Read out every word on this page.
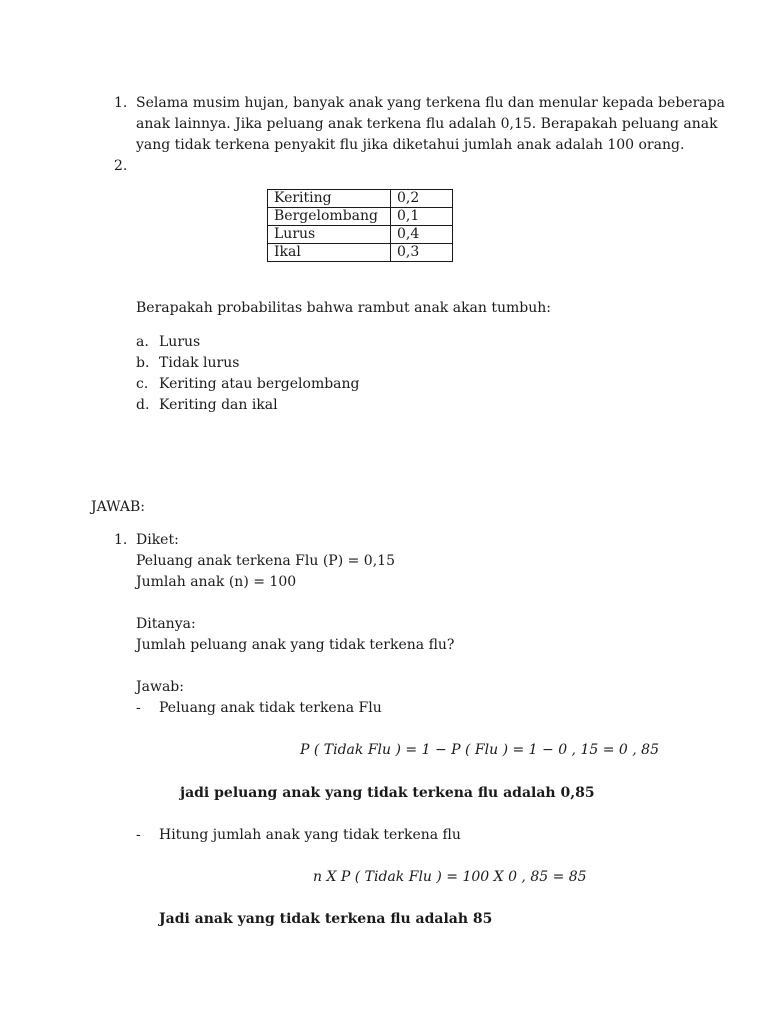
1. Selama musim hujan, banyak anak yang terkena flu dan menular kepada beberapa
anak lainnya. Jika peluang anak terkena flu adalah 0,15. Berapakah peluang anak
yang tidak terkena penyakit flu jika diketahui jumlah anak adalah 100 orang.
2.
Keriting	0,2
Bergelombang	0,1
Lurus	0,4
Ikal	0,3
Berapakah probabilitas bahwa rambut anak akan tumbuh:
a. Lurus
b. Tidak lurus
c. Keriting atau bergelombang
d. Keriting dan ikal
JAWAB:
1. Diket:
Peluang anak terkena Flu (P) = 0,15
Jumlah anak (n) = 100
Ditanya:
Jumlah peluang anak yang tidak terkena flu?
Jawab:
- Peluang anak tidak terkena Flu
P ( Tidak Flu ) = 1 − P ( Flu ) = 1 − 0 , 15 = 0 , 85
jadi peluang anak yang tidak terkena flu adalah 0,85
- Hitung jumlah anak yang tidak terkena flu
n X P ( Tidak Flu ) = 100 X 0 , 85 = 85
Jadi anak yang tidak terkena flu adalah 85
